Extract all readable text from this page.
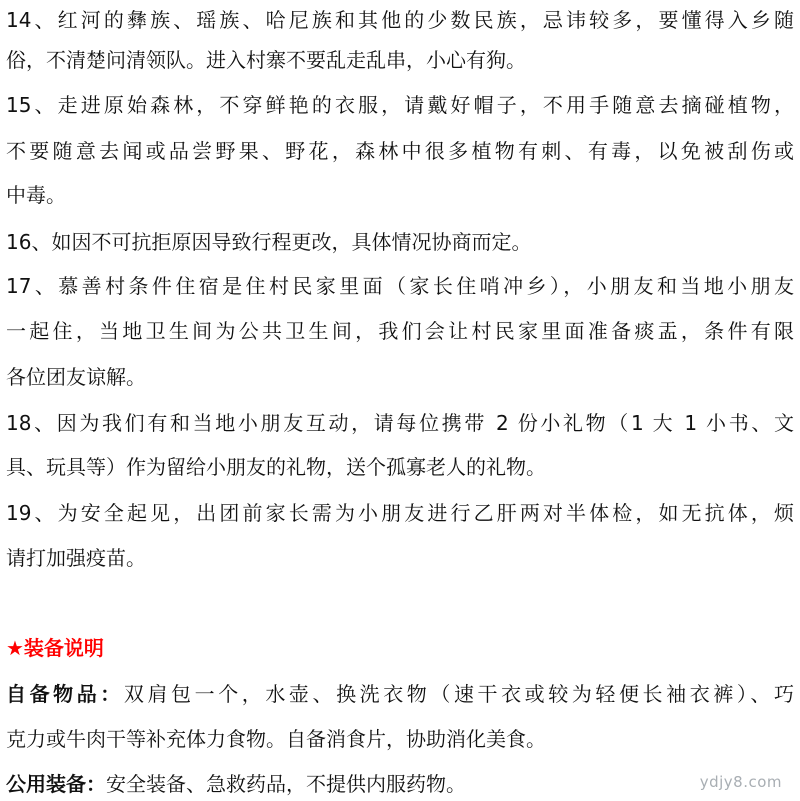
14、红河的彝族、瑶族、哈尼族和其他的少数民族，忌讳较多，要懂得入乡随
俗，不清楚问清领队。进入村寨不要乱走乱串，小心有狗。
15、走进原始森林，不穿鲜艳的衣服，请戴好帽子，不用手随意去摘碰植物，
不要随意去闻或品尝野果、野花，森林中很多植物有刺、有毒，以免被刮伤或
中毒。
16、如因不可抗拒原因导致行程更改，具体情况协商而定。
17、慕善村条件住宿是住村民家里面（家长住哨冲乡），小朋友和当地小朋友
一起住，当地卫生间为公共卫生间，我们会让村民家里面准备痰盂，条件有限
各位团友谅解。
18、因为我们有和当地小朋友互动，请每位携带 2 份小礼物（1 大 1 小书、文
具、玩具等）作为留给小朋友的礼物，送个孤寡老人的礼物。
19、为安全起见，出团前家长需为小朋友进行乙肝两对半体检，如无抗体，烦
请打加强疫苗。
★装备说明
自备物品：双肩包一个，水壶、换洗衣物（速干衣或较为轻便长袖衣裤）、巧
克力或牛肉干等补充体力食物。自备消食片，协助消化美食。
公用装备：安全装备、急救药品，不提供内服药物。	ydjy8.com
